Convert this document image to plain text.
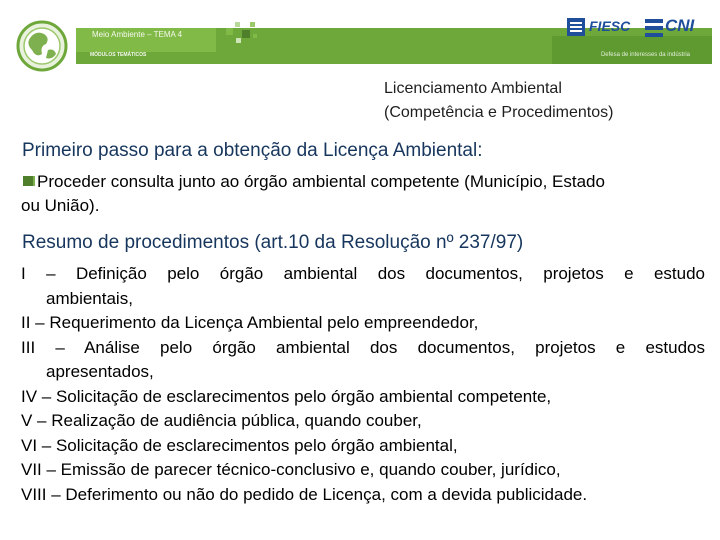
Meio Ambiente – TEMA 4
MÓDULOS TEMÁTICOS
FIESC CNI
Defesa de interesses da indústria
Licenciamento Ambiental
(Competência e Procedimentos)
Primeiro passo para a obtenção da Licença Ambiental:
Proceder consulta junto ao órgão ambiental competente (Município, Estado
ou União).
Resumo de procedimentos (art.10 da Resolução nº 237/97)
I – Definição pelo órgão ambiental dos documentos, projetos e estudo
ambientais,
II – Requerimento da Licença Ambiental pelo empreendedor,
III – Análise pelo órgão ambiental dos documentos, projetos e estudos
apresentados,
IV – Solicitação de esclarecimentos pelo órgão ambiental competente,
V – Realização de audiência pública, quando couber,
VI – Solicitação de esclarecimentos pelo órgão ambiental,
VII – Emissão de parecer técnico-conclusivo e, quando couber, jurídico,
VIII – Deferimento ou não do pedido de Licença, com a devida publicidade.
